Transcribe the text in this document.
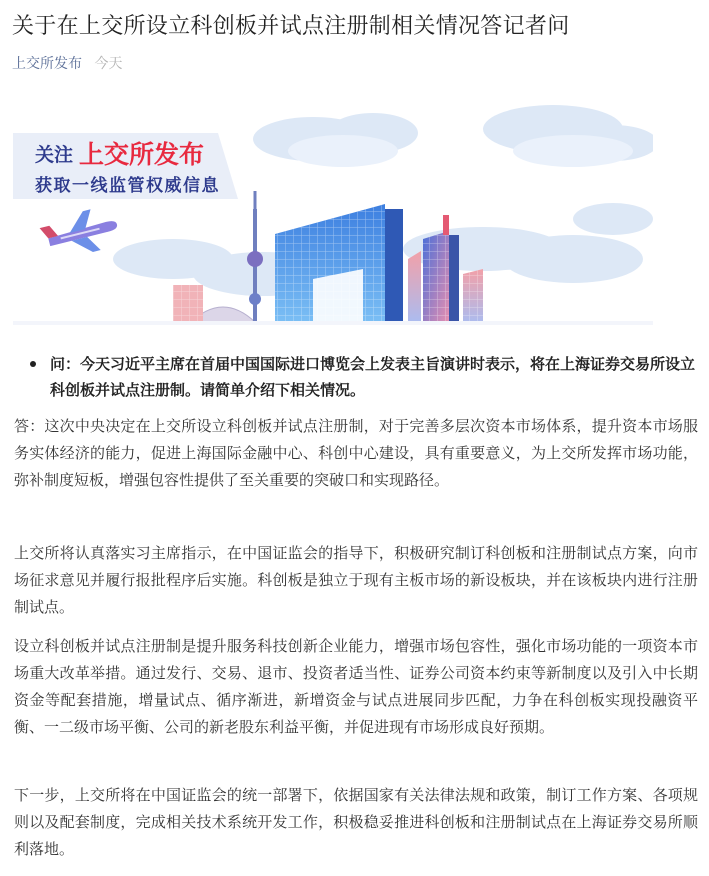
关于在上交所设立科创板并试点注册制相关情况答记者问
上交所发布 今天
关注 上交所发布
获取一线监管权威信息
问：今天习近平主席在首届中国国际进口博览会上发表主旨演讲时表示，将在上海证券交易所设立科创板并试点注册制。请简单介绍下相关情况。

答：这次中央决定在上交所设立科创板并试点注册制，对于完善多层次资本市场体系，提升资本市场服务实体经济的能力，促进上海国际金融中心、科创中心建设，具有重要意义，为上交所发挥市场功能，弥补制度短板，增强包容性提供了至关重要的突破口和实现路径。

上交所将认真落实习主席指示，在中国证监会的指导下，积极研究制订科创板和注册制试点方案，向市场征求意见并履行报批程序后实施。科创板是独立于现有主板市场的新设板块，并在该板块内进行注册制试点。

设立科创板并试点注册制是提升服务科技创新企业能力，增强市场包容性，强化市场功能的一项资本市场重大改革举措。通过发行、交易、退市、投资者适当性、证券公司资本约束等新制度以及引入中长期资金等配套措施，增量试点、循序渐进，新增资金与试点进展同步匹配，力争在科创板实现投融资平衡、一二级市场平衡、公司的新老股东利益平衡，并促进现有市场形成良好预期。

下一步，上交所将在中国证监会的统一部署下，依据国家有关法律法规和政策，制订工作方案、各项规则以及配套制度，完成相关技术系统开发工作，积极稳妥推进科创板和注册制试点在上海证券交易所顺利落地。
